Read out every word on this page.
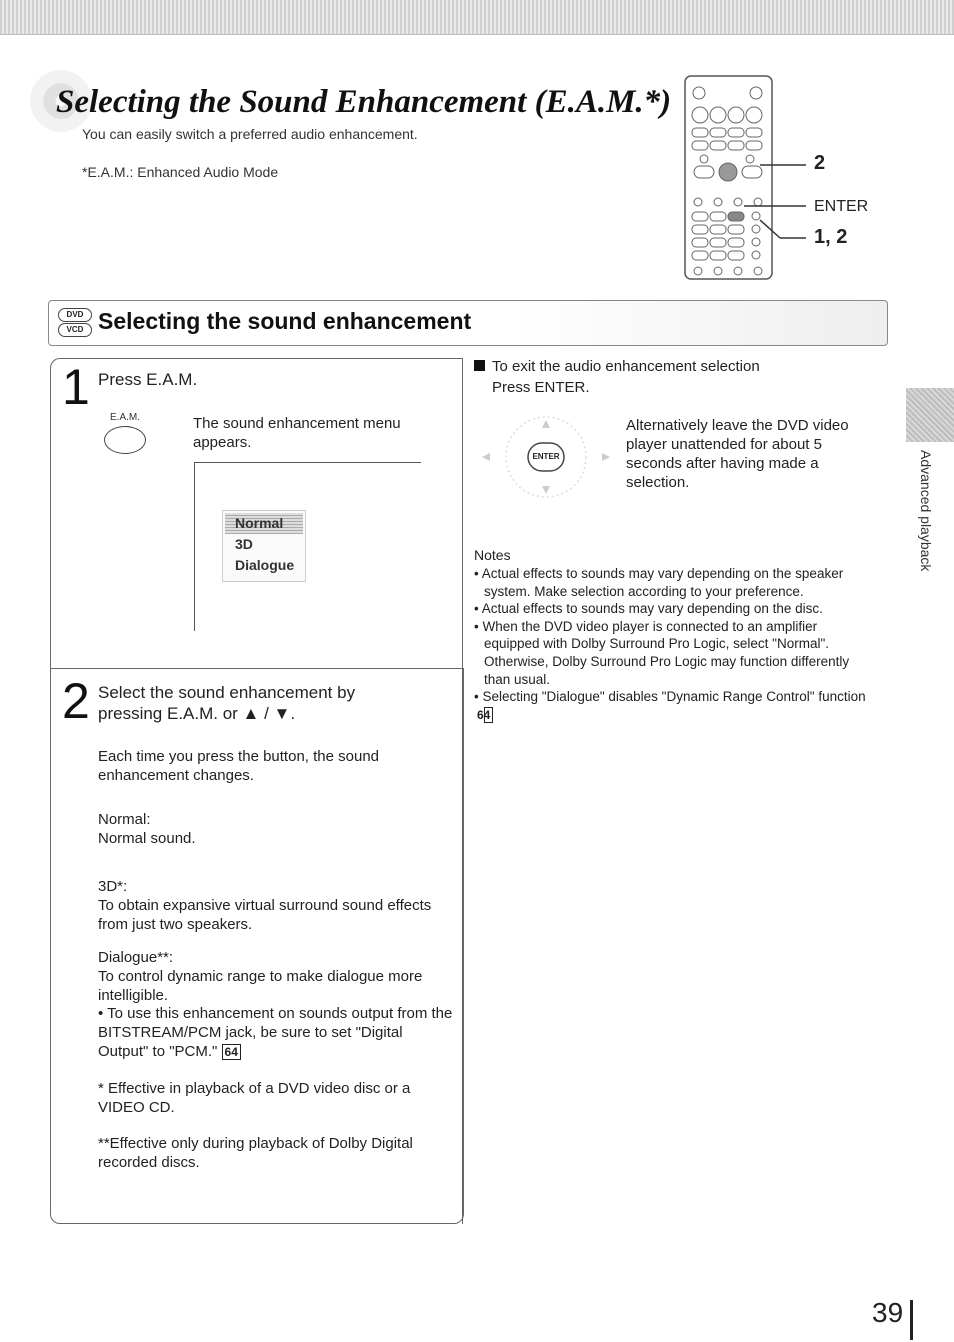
Selecting the Sound Enhancement (E.A.M.*)
You can easily switch a preferred audio enhancement.
*E.A.M.: Enhanced Audio Mode	2
ENTER
1, 2
DVD
VCD Selecting the sound enhancement
1 Press E.A.M.
E.A.M.	The sound enhancement menu appears.
Normal
3D
Dialogue
2 Select the sound enhancement by
pressing E.A.M. or ▲ / ▼.
Each time you press the button, the sound enhancement changes.
Normal:
Normal sound.
3D*:
To obtain expansive virtual surround sound effects from just two speakers.
Dialogue**:
To control dynamic range to make dialogue more intelligible.
• To use this enhancement on sounds output from the BITSTREAM/PCM jack, be sure to set "Digital Output" to "PCM." 64
* Effective in playback of a DVD video disc or a VIDEO CD.
**Effective only during playback of Dolby Digital recorded discs.
To exit the audio enhancement selection
Press ENTER.
ENTER
Alternatively leave the DVD video player unattended for about 5 seconds after having made a selection.
Notes
• Actual effects to sounds may vary depending on the speaker system. Make selection according to your preference.
• Actual effects to sounds may vary depending on the disc.
• When the DVD video player is connected to an amplifier equipped with Dolby Surround Pro Logic, select "Normal". Otherwise, Dolby Surround Pro Logic may function differently than usual.
• Selecting "Dialogue" disables "Dynamic Range Control" function 64
Advanced playback
39
